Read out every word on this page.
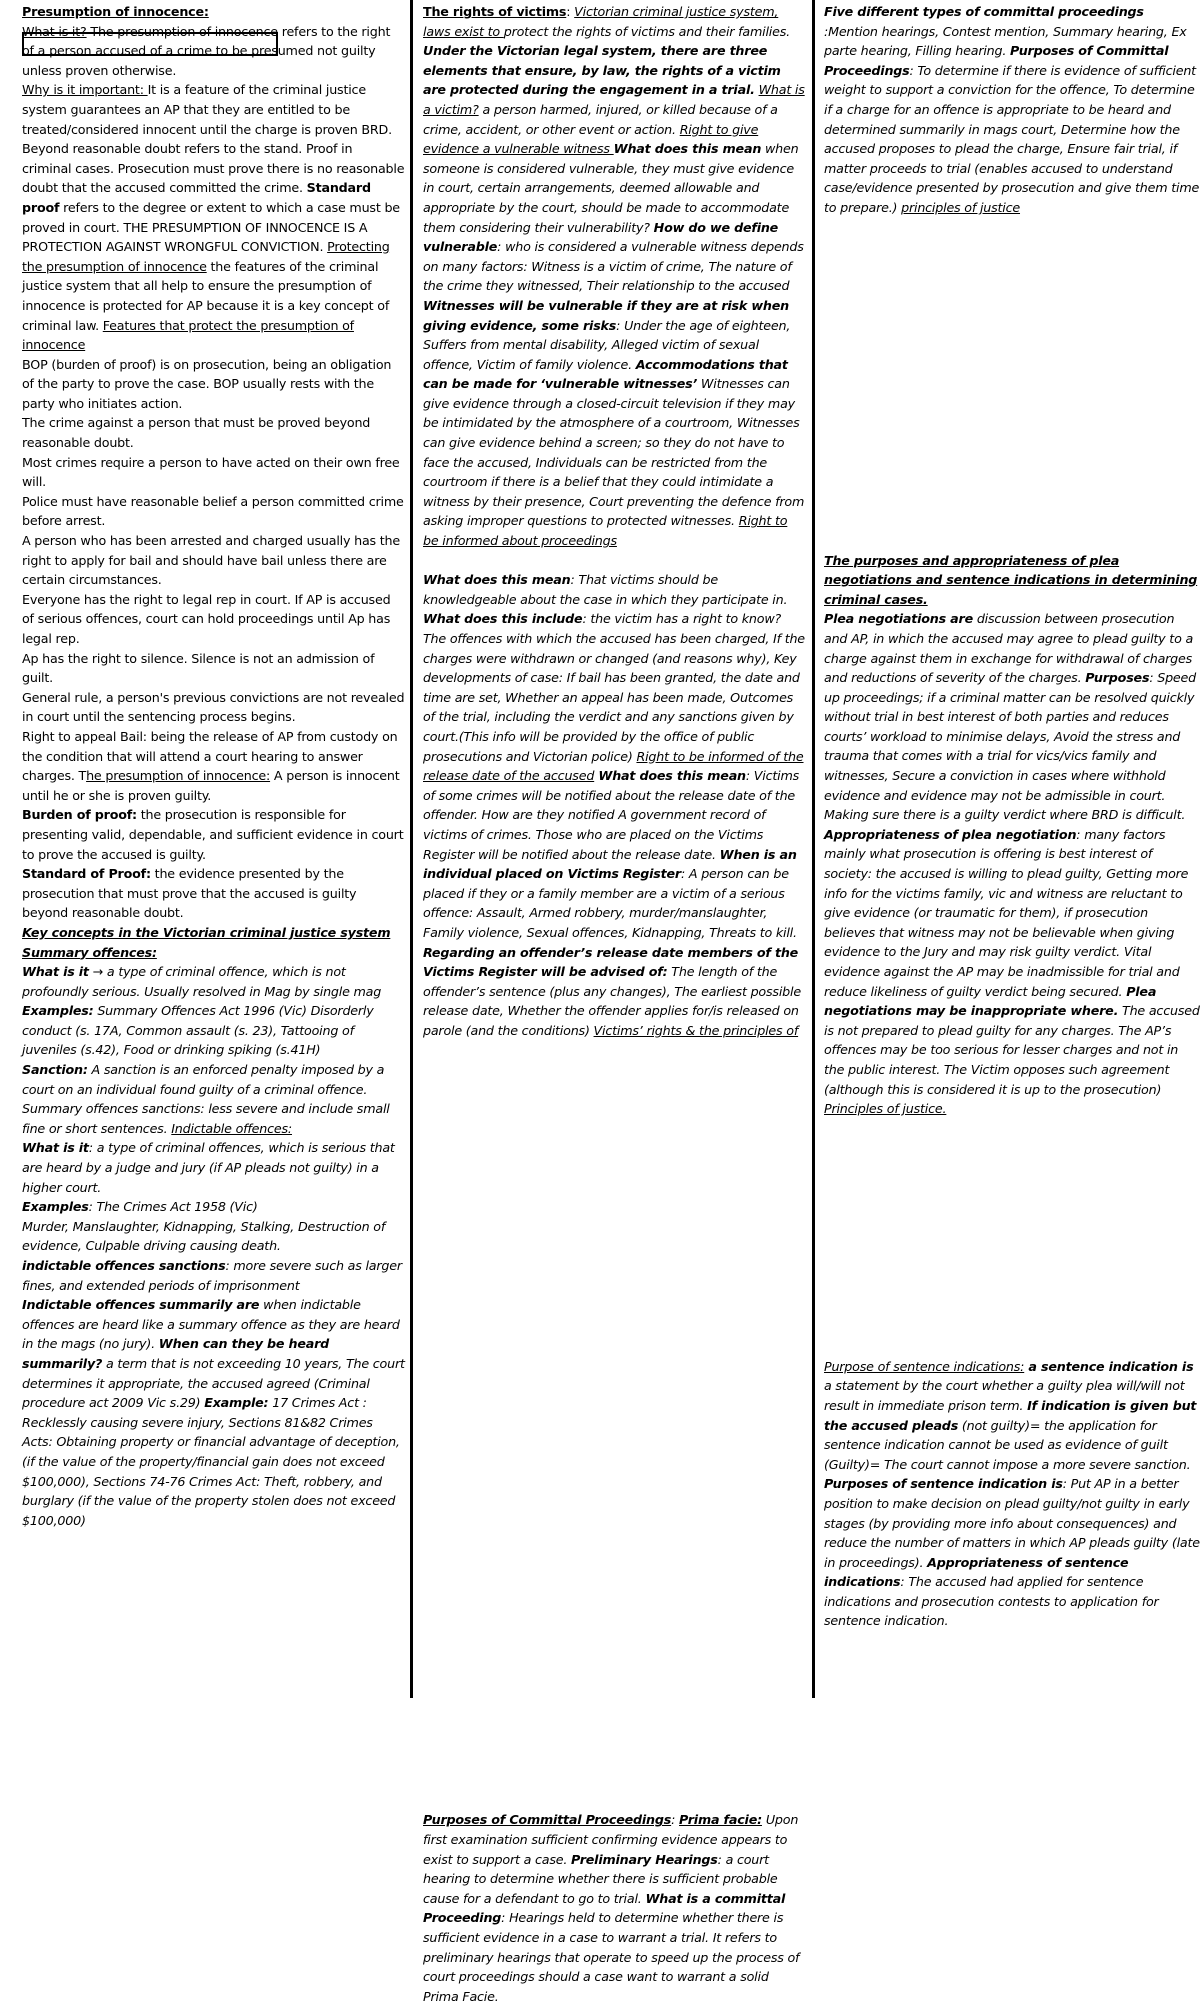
Presumption of innocence:

What is it? The presumption of innocence refers to the right of a person accused of a crime to be presumed not guilty unless proven otherwise.

Why is it important: It is a feature of the criminal justice system guarantees an AP that they are entitled to be treated/considered innocent until the charge is proven BRD. Beyond reasonable doubt refers to the stand. Proof in criminal cases. Prosecution must prove there is no reasonable doubt that the accused committed the crime. Standard proof refers to the degree or extent to which a case must be proved in court. THE PRESUMPTION OF INNOCENCE IS A PROTECTION AGAINST WRONGFUL CONVICTION. Protecting the presumption of innocence the features of the criminal justice system that all help to ensure the presumption of innocence is protected for AP because it is a key concept of criminal law. Features that protect the presumption of innocence

BOP (burden of proof) is on prosecution, being an obligation of the party to prove the case. BOP usually rests with the party who initiates action.

The crime against a person that must be proved beyond reasonable doubt.

Most crimes require a person to have acted on their own free will.

Police must have reasonable belief a person committed crime before arrest.

A person who has been arrested and charged usually has the right to apply for bail and should have bail unless there are certain circumstances.

Everyone has the right to legal rep in court. If AP is accused of serious offences, court can hold proceedings until Ap has legal rep.

Ap has the right to silence. Silence is not an admission of guilt.

General rule, a person's previous convictions are not revealed in court until the sentencing process begins.

Right to appeal Bail: being the release of AP from custody on the condition that will attend a court hearing to answer charges. The presumption of innocence: A person is innocent until he or she is proven guilty.

Burden of proof: the prosecution is responsible for presenting valid, dependable, and sufficient evidence in court to prove the accused is guilty.

Standard of Proof: the evidence presented by the prosecution that must prove that the accused is guilty beyond reasonable doubt.

Key concepts in the Victorian criminal justice system

Summary offences:

What is it → a type of criminal offence, which is not profoundly serious. Usually resolved in Mag by single mag

Examples: Summary Offences Act 1996 (Vic) Disorderly conduct (s. 17A, Common assault (s. 23), Tattooing of juveniles (s.42), Food or drinking spiking (s.41H)

Sanction: A sanction is an enforced penalty imposed by a court on an individual found guilty of a criminal offence. Summary offences sanctions: less severe and include small fine or short sentences. Indictable offences:

What is it: a type of criminal offences, which is serious that are heard by a judge and jury (if AP pleads not guilty) in a higher court.

Examples: The Crimes Act 1958 (Vic)

Murder, Manslaughter, Kidnapping, Stalking, Destruction of evidence, Culpable driving causing death.

indictable offences sanctions: more severe such as larger fines, and extended periods of imprisonment

Indictable offences summarily are when indictable offences are heard like a summary offence as they are heard in the mags (no jury). When can they be heard summarily? a term that is not exceeding 10 years, The court determines it appropriate, the accused agreed (Criminal procedure act 2009 Vic s.29) Example: 17 Crimes Act : Recklessly causing severe injury, Sections 81&82 Crimes Acts: Obtaining property or financial advantage of deception, (if the value of the property/financial gain does not exceed $100,000), Sections 74-76 Crimes Act: Theft, robbery, and burglary (if the value of the property stolen does not exceed $100,000)

The rights of victims: Victorian criminal justice system, laws exist to protect the rights of victims and their families. Under the Victorian legal system, there are three elements that ensure, by law, the rights of a victim are protected during the engagement in a trial. What is a victim? a person harmed, injured, or killed because of a crime, accident, or other event or action. Right to give evidence a vulnerable witness What does this mean when someone is considered vulnerable, they must give evidence in court, certain arrangements, deemed allowable and appropriate by the court, should be made to accommodate them considering their vulnerability? How do we define vulnerable: who is considered a vulnerable witness depends on many factors: Witness is a victim of crime, The nature of the crime they witnessed, Their relationship to the accused Witnesses will be vulnerable if they are at risk when giving evidence, some risks: Under the age of eighteen, Suffers from mental disability, Alleged victim of sexual offence, Victim of family violence. Accommodations that can be made for ‘vulnerable witnesses’ Witnesses can give evidence through a closed-circuit television if they may be intimidated by the atmosphere of a courtroom, Witnesses can give evidence behind a screen; so they do not have to face the accused, Individuals can be restricted from the courtroom if there is a belief that they could intimidate a witness by their presence, Court preventing the defence from asking improper questions to protected witnesses. Right to be informed about proceedings

What does this mean: That victims should be knowledgeable about the case in which they participate in. What does this include: the victim has a right to know? The offences with which the accused has been charged, If the charges were withdrawn or changed (and reasons why), Key developments of case: If bail has been granted, the date and time are set, Whether an appeal has been made, Outcomes of the trial, including the verdict and any sanctions given by court.(This info will be provided by the office of public prosecutions and Victorian police) Right to be informed of the release date of the accused What does this mean: Victims of some crimes will be notified about the release date of the offender. How are they notified A government record of victims of crimes. Those who are placed on the Victims Register will be notified about the release date. When is an individual placed on Victims Register: A person can be placed if they or a family member are a victim of a serious offence: Assault, Armed robbery, murder/manslaughter, Family violence, Sexual offences, Kidnapping, Threats to kill. Regarding an offender’s release date members of the Victims Register will be advised of: The length of the offender’s sentence (plus any changes), The earliest possible release date, Whether the offender applies for/is released on parole (and the conditions) Victims’ rights & the principles of

Purposes of Committal Proceedings: Prima facie: Upon first examination sufficient confirming evidence appears to exist to support a case. Preliminary Hearings: a court hearing to determine whether there is sufficient probable cause for a defendant to go to trial. What is a committal Proceeding: Hearings held to determine whether there is sufficient evidence in a case to warrant a trial. It refers to preliminary hearings that operate to speed up the process of court proceedings should a case want to warrant a solid Prima Facie.

Five different types of committal proceedings :Mention hearings, Contest mention, Summary hearing, Ex parte hearing, Filling hearing. Purposes of Committal Proceedings: To determine if there is evidence of sufficient weight to support a conviction for the offence, To determine if a charge for an offence is appropriate to be heard and determined summarily in mags court, Determine how the accused proposes to plead the charge, Ensure fair trial, if matter proceeds to trial (enables accused to understand case/evidence presented by prosecution and give them time to prepare.) principles of justice

The purposes and appropriateness of plea negotiations and sentence indications in determining criminal cases.

Plea negotiations are discussion between prosecution and AP, in which the accused may agree to plead guilty to a charge against them in exchange for withdrawal of charges and reductions of severity of the charges. Purposes: Speed up proceedings; if a criminal matter can be resolved quickly without trial in best interest of both parties and reduces courts’ workload to minimise delays, Avoid the stress and trauma that comes with a trial for vics/vics family and witnesses, Secure a conviction in cases where withhold evidence and evidence may not be admissible in court. Making sure there is a guilty verdict where BRD is difficult. Appropriateness of plea negotiation: many factors mainly what prosecution is offering is best interest of society: the accused is willing to plead guilty, Getting more info for the victims family, vic and witness are reluctant to give evidence (or traumatic for them), if prosecution believes that witness may not be believable when giving evidence to the Jury and may risk guilty verdict. Vital evidence against the AP may be inadmissible for trial and reduce likeliness of guilty verdict being secured. Plea negotiations may be inappropriate where. The accused is not prepared to plead guilty for any charges. The AP’s offences may be too serious for lesser charges and not in the public interest. The Victim opposes such agreement (although this is considered it is up to the prosecution) Principles of justice.

Purpose of sentence indications: a sentence indication is a statement by the court whether a guilty plea will/will not result in immediate prison term. If indication is given but the accused pleads (not guilty)= the application for sentence indication cannot be used as evidence of guilt (Guilty)= The court cannot impose a more severe sanction. Purposes of sentence indication is: Put AP in a better position to make decision on plead guilty/not guilty in early stages (by providing more info about consequences) and reduce the number of matters in which AP pleads guilty (late in proceedings). Appropriateness of sentence indications: The accused had applied for sentence indications and prosecution contests to application for sentence indication.
